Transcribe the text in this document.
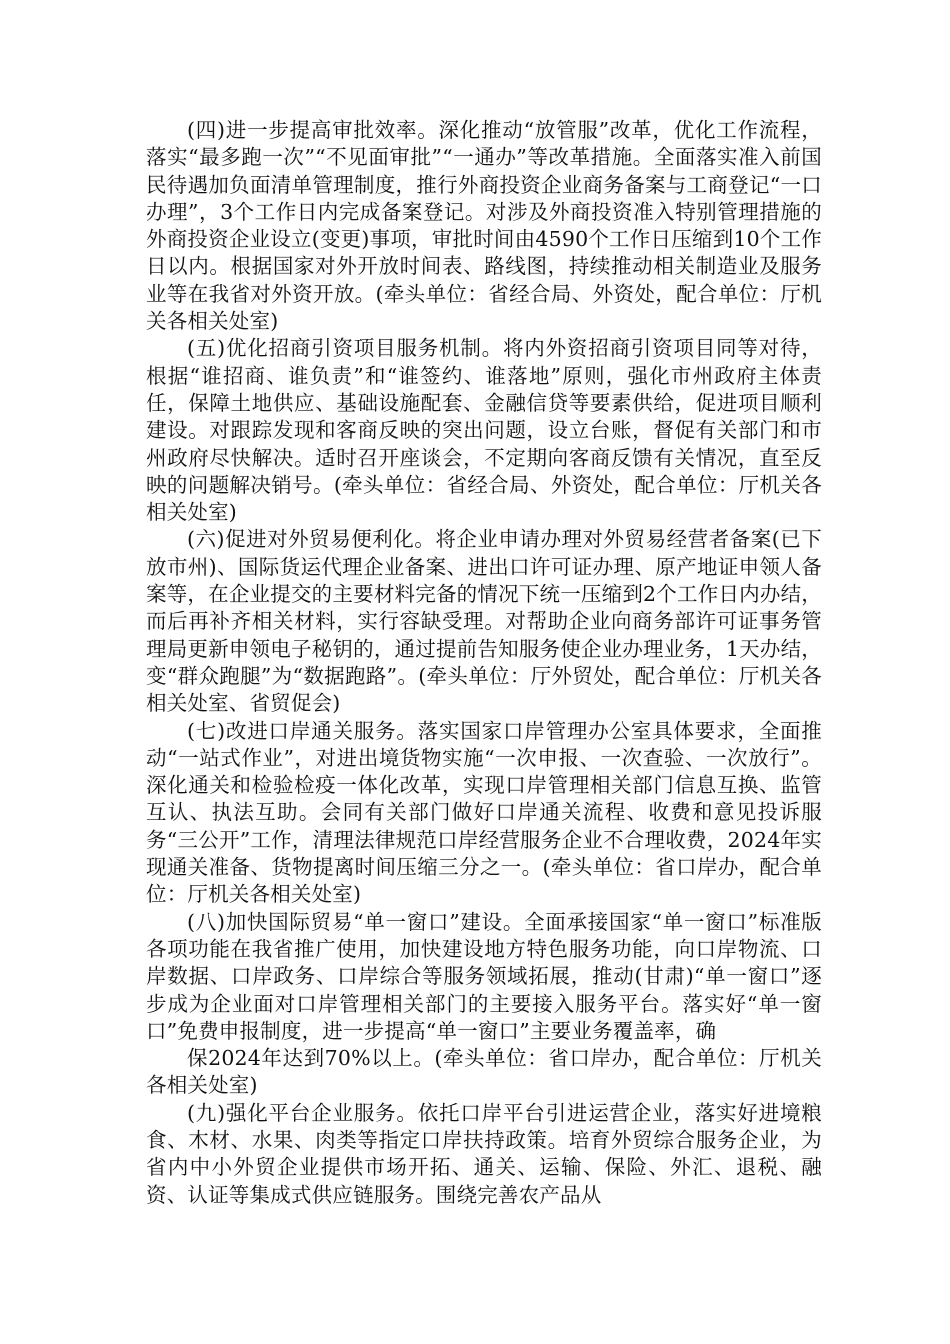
(四)进一步提高审批效率。深化推动“放管服”改革，优化工作流程，落实“最多跑一次”“不见面审批”“一通办”等改革措施。全面落实准入前国民待遇加负面清单管理制度，推行外商投资企业商务备案与工商登记“一口办理”，3个工作日内完成备案登记。对涉及外商投资准入特别管理措施的外商投资企业设立(变更)事项，审批时间由4590个工作日压缩到10个工作日以内。根据国家对外开放时间表、路线图，持续推动相关制造业及服务业等在我省对外资开放。(牵头单位：省经合局、外资处，配合单位：厅机关各相关处室)

(五)优化招商引资项目服务机制。将内外资招商引资项目同等对待，根据“谁招商、谁负责”和“谁签约、谁落地”原则，强化市州政府主体责任，保障土地供应、基础设施配套、金融信贷等要素供给，促进项目顺利建设。对跟踪发现和客商反映的突出问题，设立台账，督促有关部门和市州政府尽快解决。适时召开座谈会，不定期向客商反馈有关情况，直至反映的问题解决销号。(牵头单位：省经合局、外资处，配合单位：厅机关各相关处室)

(六)促进对外贸易便利化。将企业申请办理对外贸易经营者备案(已下放市州)、国际货运代理企业备案、进出口许可证办理、原产地证申领人备案等，在企业提交的主要材料完备的情况下统一压缩到2个工作日内办结，而后再补齐相关材料，实行容缺受理。对帮助企业向商务部许可证事务管理局更新申领电子秘钥的，通过提前告知服务使企业办理业务，1天办结，变“群众跑腿”为“数据跑路”。(牵头单位：厅外贸处，配合单位：厅机关各相关处室、省贸促会)

(七)改进口岸通关服务。落实国家口岸管理办公室具体要求，全面推动“一站式作业”，对进出境货物实施“一次申报、一次查验、一次放行”。深化通关和检验检疫一体化改革，实现口岸管理相关部门信息互换、监管互认、执法互助。会同有关部门做好口岸通关流程、收费和意见投诉服务“三公开”工作，清理法律规范口岸经营服务企业不合理收费，2024年实现通关准备、货物提离时间压缩三分之一。(牵头单位：省口岸办，配合单位：厅机关各相关处室)

(八)加快国际贸易“单一窗口”建设。全面承接国家“单一窗口”标准版各项功能在我省推广使用，加快建设地方特色服务功能，向口岸物流、口岸数据、口岸政务、口岸综合等服务领域拓展，推动(甘肃)“单一窗口”逐步成为企业面对口岸管理相关部门的主要接入服务平台。落实好“单一窗口”免费申报制度，进一步提高“单一窗口”主要业务覆盖率，确

保2024年达到70%以上。(牵头单位：省口岸办，配合单位：厅机关各相关处室)

(九)强化平台企业服务。依托口岸平台引进运营企业，落实好进境粮食、木材、水果、肉类等指定口岸扶持政策。培育外贸综合服务企业，为省内中小外贸企业提供市场开拓、通关、运输、保险、外汇、退税、融资、认证等集成式供应链服务。围绕完善农产品从
